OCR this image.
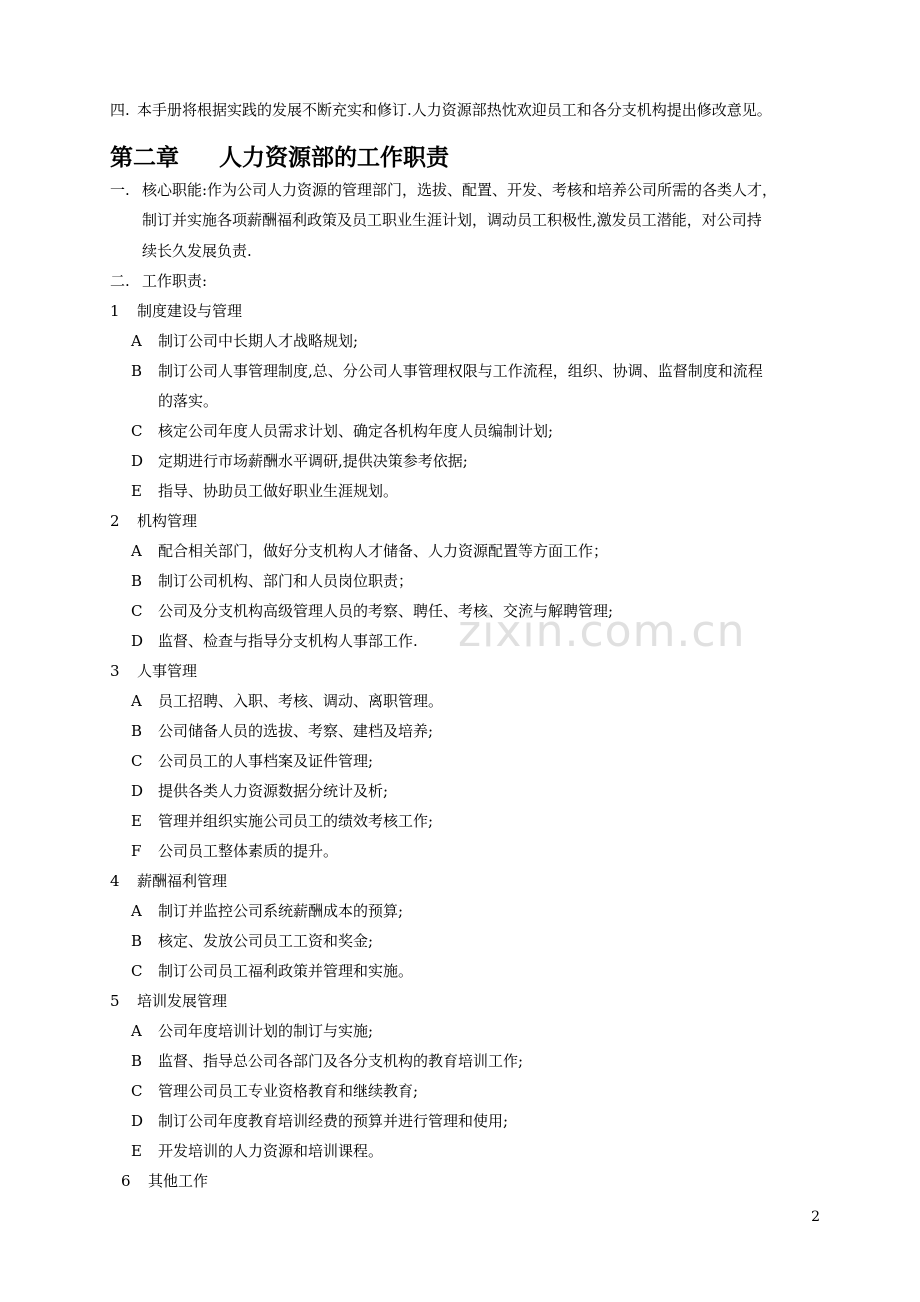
四. 本手册将根据实践的发展不断充实和修订.人力资源部热忱欢迎员工和各分支机构提出修改意见。
第二章 人力资源部的工作职责
一. 核心职能:作为公司人力资源的管理部门，选拔、配置、开发、考核和培养公司所需的各类人才，
制订并实施各项薪酬福利政策及员工职业生涯计划，调动员工积极性,激发员工潜能，对公司持
续长久发展负责.
二. 工作职责:
1 制度建设与管理
A 制订公司中长期人才战略规划;
B 制订公司人事管理制度,总、分公司人事管理权限与工作流程，组织、协调、监督制度和流程
的落实。
C 核定公司年度人员需求计划、确定各机构年度人员编制计划;
D 定期进行市场薪酬水平调研,提供决策参考依据;
E 指导、协助员工做好职业生涯规划。
2 机构管理
A 配合相关部门，做好分支机构人才储备、人力资源配置等方面工作；
B 制订公司机构、部门和人员岗位职责；
C 公司及分支机构高级管理人员的考察、聘任、考核、交流与解聘管理;
D 监督、检查与指导分支机构人事部工作.
3 人事管理
A 员工招聘、入职、考核、调动、离职管理。
B 公司储备人员的选拔、考察、建档及培养;
C 公司员工的人事档案及证件管理;
D 提供各类人力资源数据分统计及析;
E 管理并组织实施公司员工的绩效考核工作;
F 公司员工整体素质的提升。
4 薪酬福利管理
A 制订并监控公司系统薪酬成本的预算;
B 核定、发放公司员工工资和奖金;
C 制订公司员工福利政策并管理和实施。
5 培训发展管理
A 公司年度培训计划的制订与实施;
B 监督、指导总公司各部门及各分支机构的教育培训工作;
C 管理公司员工专业资格教育和继续教育;
D 制订公司年度教育培训经费的预算并进行管理和使用;
E 开发培训的人力资源和培训课程。
6 其他工作
zixin.com.cn
2
